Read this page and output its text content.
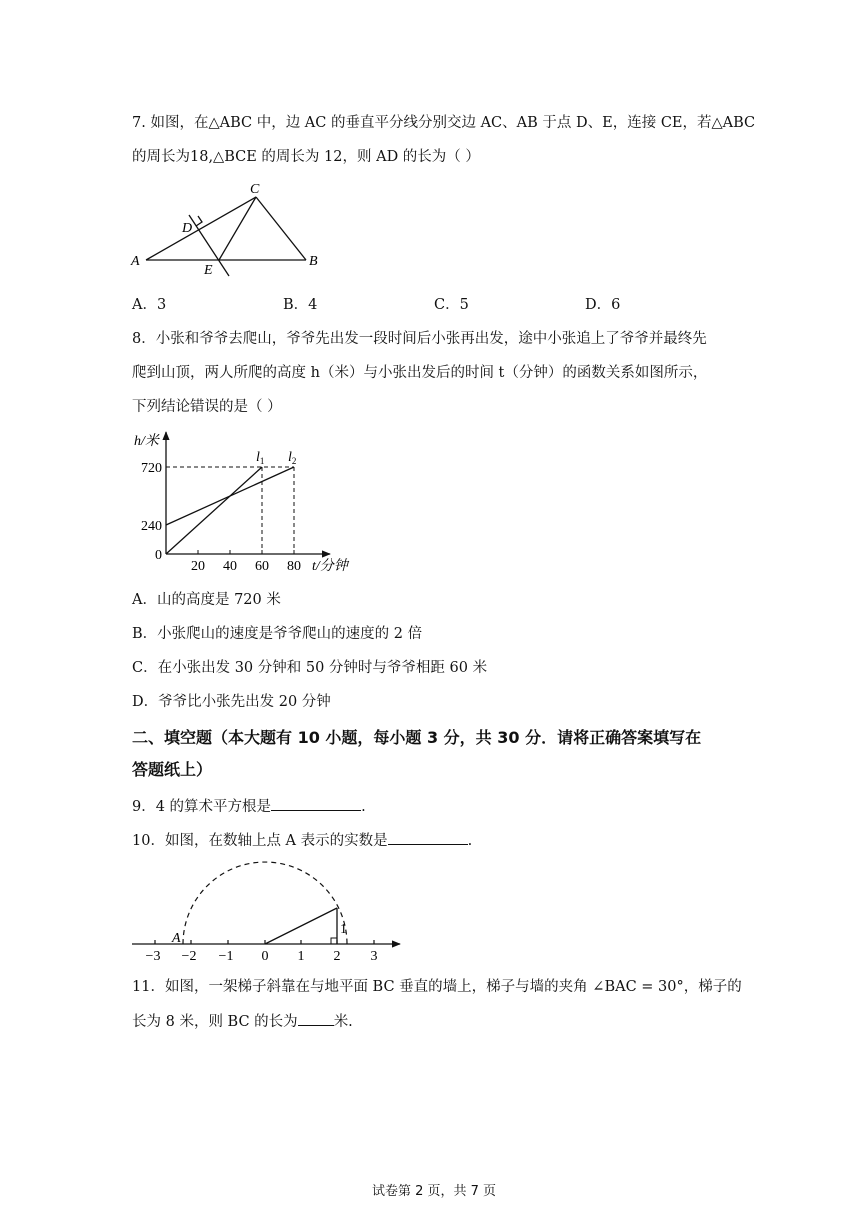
7. 如图，在△ABC 中，边 AC 的垂直平分线分别交边 AC、AB 于点 D、E，连接 CE，若△ABC
的周长为18,△BCE 的周长为 12，则 AD 的长为（ ）
C
D
A	B
E
A．3	B．4	C．5	D．6
8．小张和爷爷去爬山，爷爷先出发一段时间后小张再出发，途中小张追上了爷爷并最终先
爬到山顶，两人所爬的高度 h（米）与小张出发后的时间 t（分钟）的函数关系如图所示，
下列结论错误的是（ ）
$l_1$ $l_2$
20 40 60 80
0
240
720
h/米
t/分钟
A．山的高度是 720 米
B．小张爬山的速度是爷爷爬山的速度的 2 倍
C．在小张出发 30 分钟和 50 分钟时与爷爷相距 60 米
D．爷爷比小张先出发 20 分钟
二、填空题（本大题有 10 小题，每小题 3 分，共 30 分．请将正确答案填写在
答题纸上）
9．4 的算术平方根是	.
10．如图，在数轴上点 A 表示的实数是	.
1
A
−3 −2 −1 0 1 2 3
11．如图，一架梯子斜靠在与地平面 BC 垂直的墙上，梯子与墙的夹角 ∠BAC = 30°，梯子的
长为 8 米，则 BC 的长为 米.
试卷第 2 页，共 7 页
